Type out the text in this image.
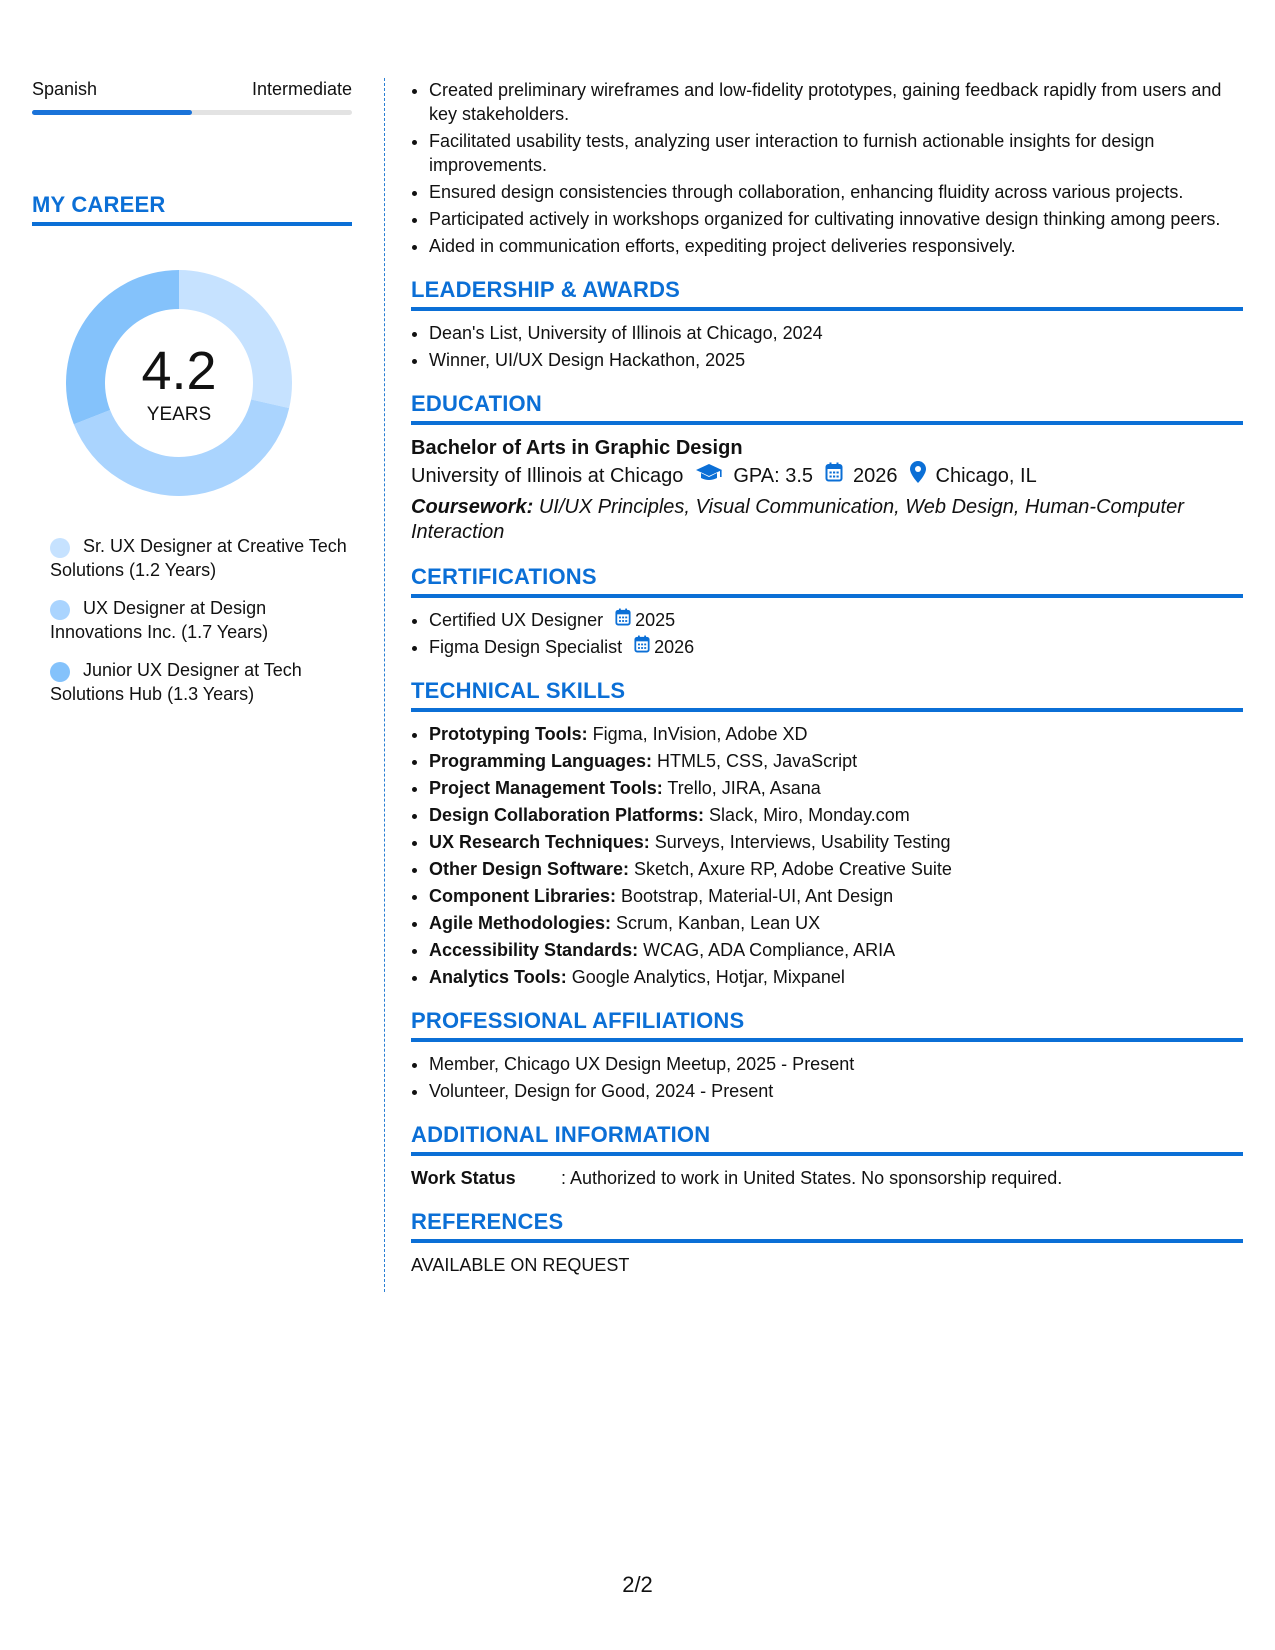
Spanish	Intermediate
MY CAREER
4.2
YEARS
Sr. UX Designer at Creative Tech Solutions (1.2 Years)
UX Designer at Design Innovations Inc. (1.7 Years)
Junior UX Designer at Tech Solutions Hub (1.3 Years)
• Created preliminary wireframes and low-fidelity prototypes, gaining feedback rapidly from users and key stakeholders.
• Facilitated usability tests, analyzing user interaction to furnish actionable insights for design improvements.
• Ensured design consistencies through collaboration, enhancing fluidity across various projects.
• Participated actively in workshops organized for cultivating innovative design thinking among peers.
• Aided in communication efforts, expediting project deliveries responsively.
LEADERSHIP & AWARDS
• Dean's List, University of Illinois at Chicago, 2024
• Winner, UI/UX Design Hackathon, 2025
EDUCATION
Bachelor of Arts in Graphic Design
University of Illinois at Chicago	GPA: 3.5 2026 Chicago, IL
Coursework: UI/UX Principles, Visual Communication, Web Design, Human-Computer Interaction
CERTIFICATIONS
• Certified UX Designer 2025
• Figma Design Specialist 2026
TECHNICAL SKILLS
• Prototyping Tools: Figma, InVision, Adobe XD
• Programming Languages: HTML5, CSS, JavaScript
• Project Management Tools: Trello, JIRA, Asana
• Design Collaboration Platforms: Slack, Miro, Monday.com
• UX Research Techniques: Surveys, Interviews, Usability Testing
• Other Design Software: Sketch, Axure RP, Adobe Creative Suite
• Component Libraries: Bootstrap, Material-UI, Ant Design
• Agile Methodologies: Scrum, Kanban, Lean UX
• Accessibility Standards: WCAG, ADA Compliance, ARIA
• Analytics Tools: Google Analytics, Hotjar, Mixpanel
PROFESSIONAL AFFILIATIONS
• Member, Chicago UX Design Meetup, 2025 - Present
• Volunteer, Design for Good, 2024 - Present
ADDITIONAL INFORMATION
Work Status	: Authorized to work in United States. No sponsorship required.
REFERENCES
AVAILABLE ON REQUEST
2/2
